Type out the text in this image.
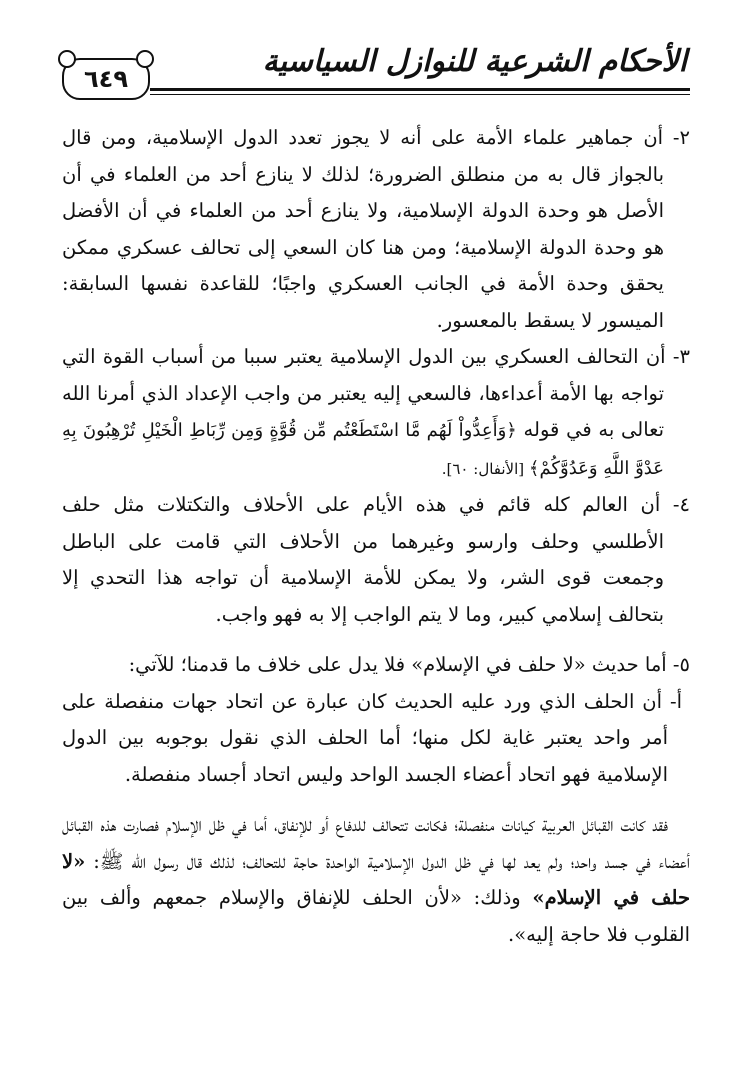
٦٤٩	الأحكام الشرعية للنوازل السياسية

٢- أن جماهير علماء الأمة على أنه لا يجوز تعدد الدول الإسلامية، ومن قال بالجواز قال به من منطلق الضرورة؛ لذلك لا ينازع أحد من العلماء في أن الأصل هو وحدة الدولة الإسلامية، ولا ينازع أحد من العلماء في أن الأفضل هو وحدة الدولة الإسلامية؛ ومن هنا كان السعي إلى تحالف عسكري ممكن يحقق وحدة الأمة في الجانب العسكري واجبًا؛ للقاعدة نفسها السابقة: الميسور لا يسقط بالمعسور.

٣- أن التحالف العسكري بين الدول الإسلامية يعتبر سببا من أسباب القوة التي تواجه بها الأمة أعداءها، فالسعي إليه يعتبر من واجب الإعداد الذي أمرنا الله تعالى به في قوله ﴿وَأَعِدُّواْ لَهُم مَّا اسْتَطَعْتُم مِّن قُوَّةٍ وَمِن رِّبَاطِ الْخَيْلِ تُرْهِبُونَ بِهِ عَدْوَّ اللَّهِ وَعَدُوَّكُمْ﴾ [الأنفال: ٦٠].

٤- أن العالم كله قائم في هذه الأيام على الأحلاف والتكتلات مثل حلف الأطلسي وحلف وارسو وغيرهما من الأحلاف التي قامت على الباطل وجمعت قوى الشر، ولا يمكن للأمة الإسلامية أن تواجه هذا التحدي إلا بتحالف إسلامي كبير، وما لا يتم الواجب إلا به فهو واجب.

٥- أما حديث «لا حلف في الإسلام» فلا يدل على خلاف ما قدمنا؛ للآتي:

أ- أن الحلف الذي ورد عليه الحديث كان عبارة عن اتحاد جهات منفصلة على أمر واحد يعتبر غاية لكل منها؛ أما الحلف الذي نقول بوجوبه بين الدول الإسلامية فهو اتحاد أعضاء الجسد الواحد وليس اتحاد أجساد منفصلة.

فقد كانت القبائل العربية كيانات منفصلة؛ فكانت تتحالف للدفاع أو للإنفاق، أما في ظل الإسلام فصارت هذه القبائل أعضاء في جسد واحد؛ ولم يعد لها في ظل الدول الإسلامية الواحدة حاجة للتحالف؛ لذلك قال رسول الله ﷺ: «لا حلف في الإسلام» وذلك: «لأن الحلف للإنفاق والإسلام جمعهم وألف بين القلوب فلا حاجة إليه».
